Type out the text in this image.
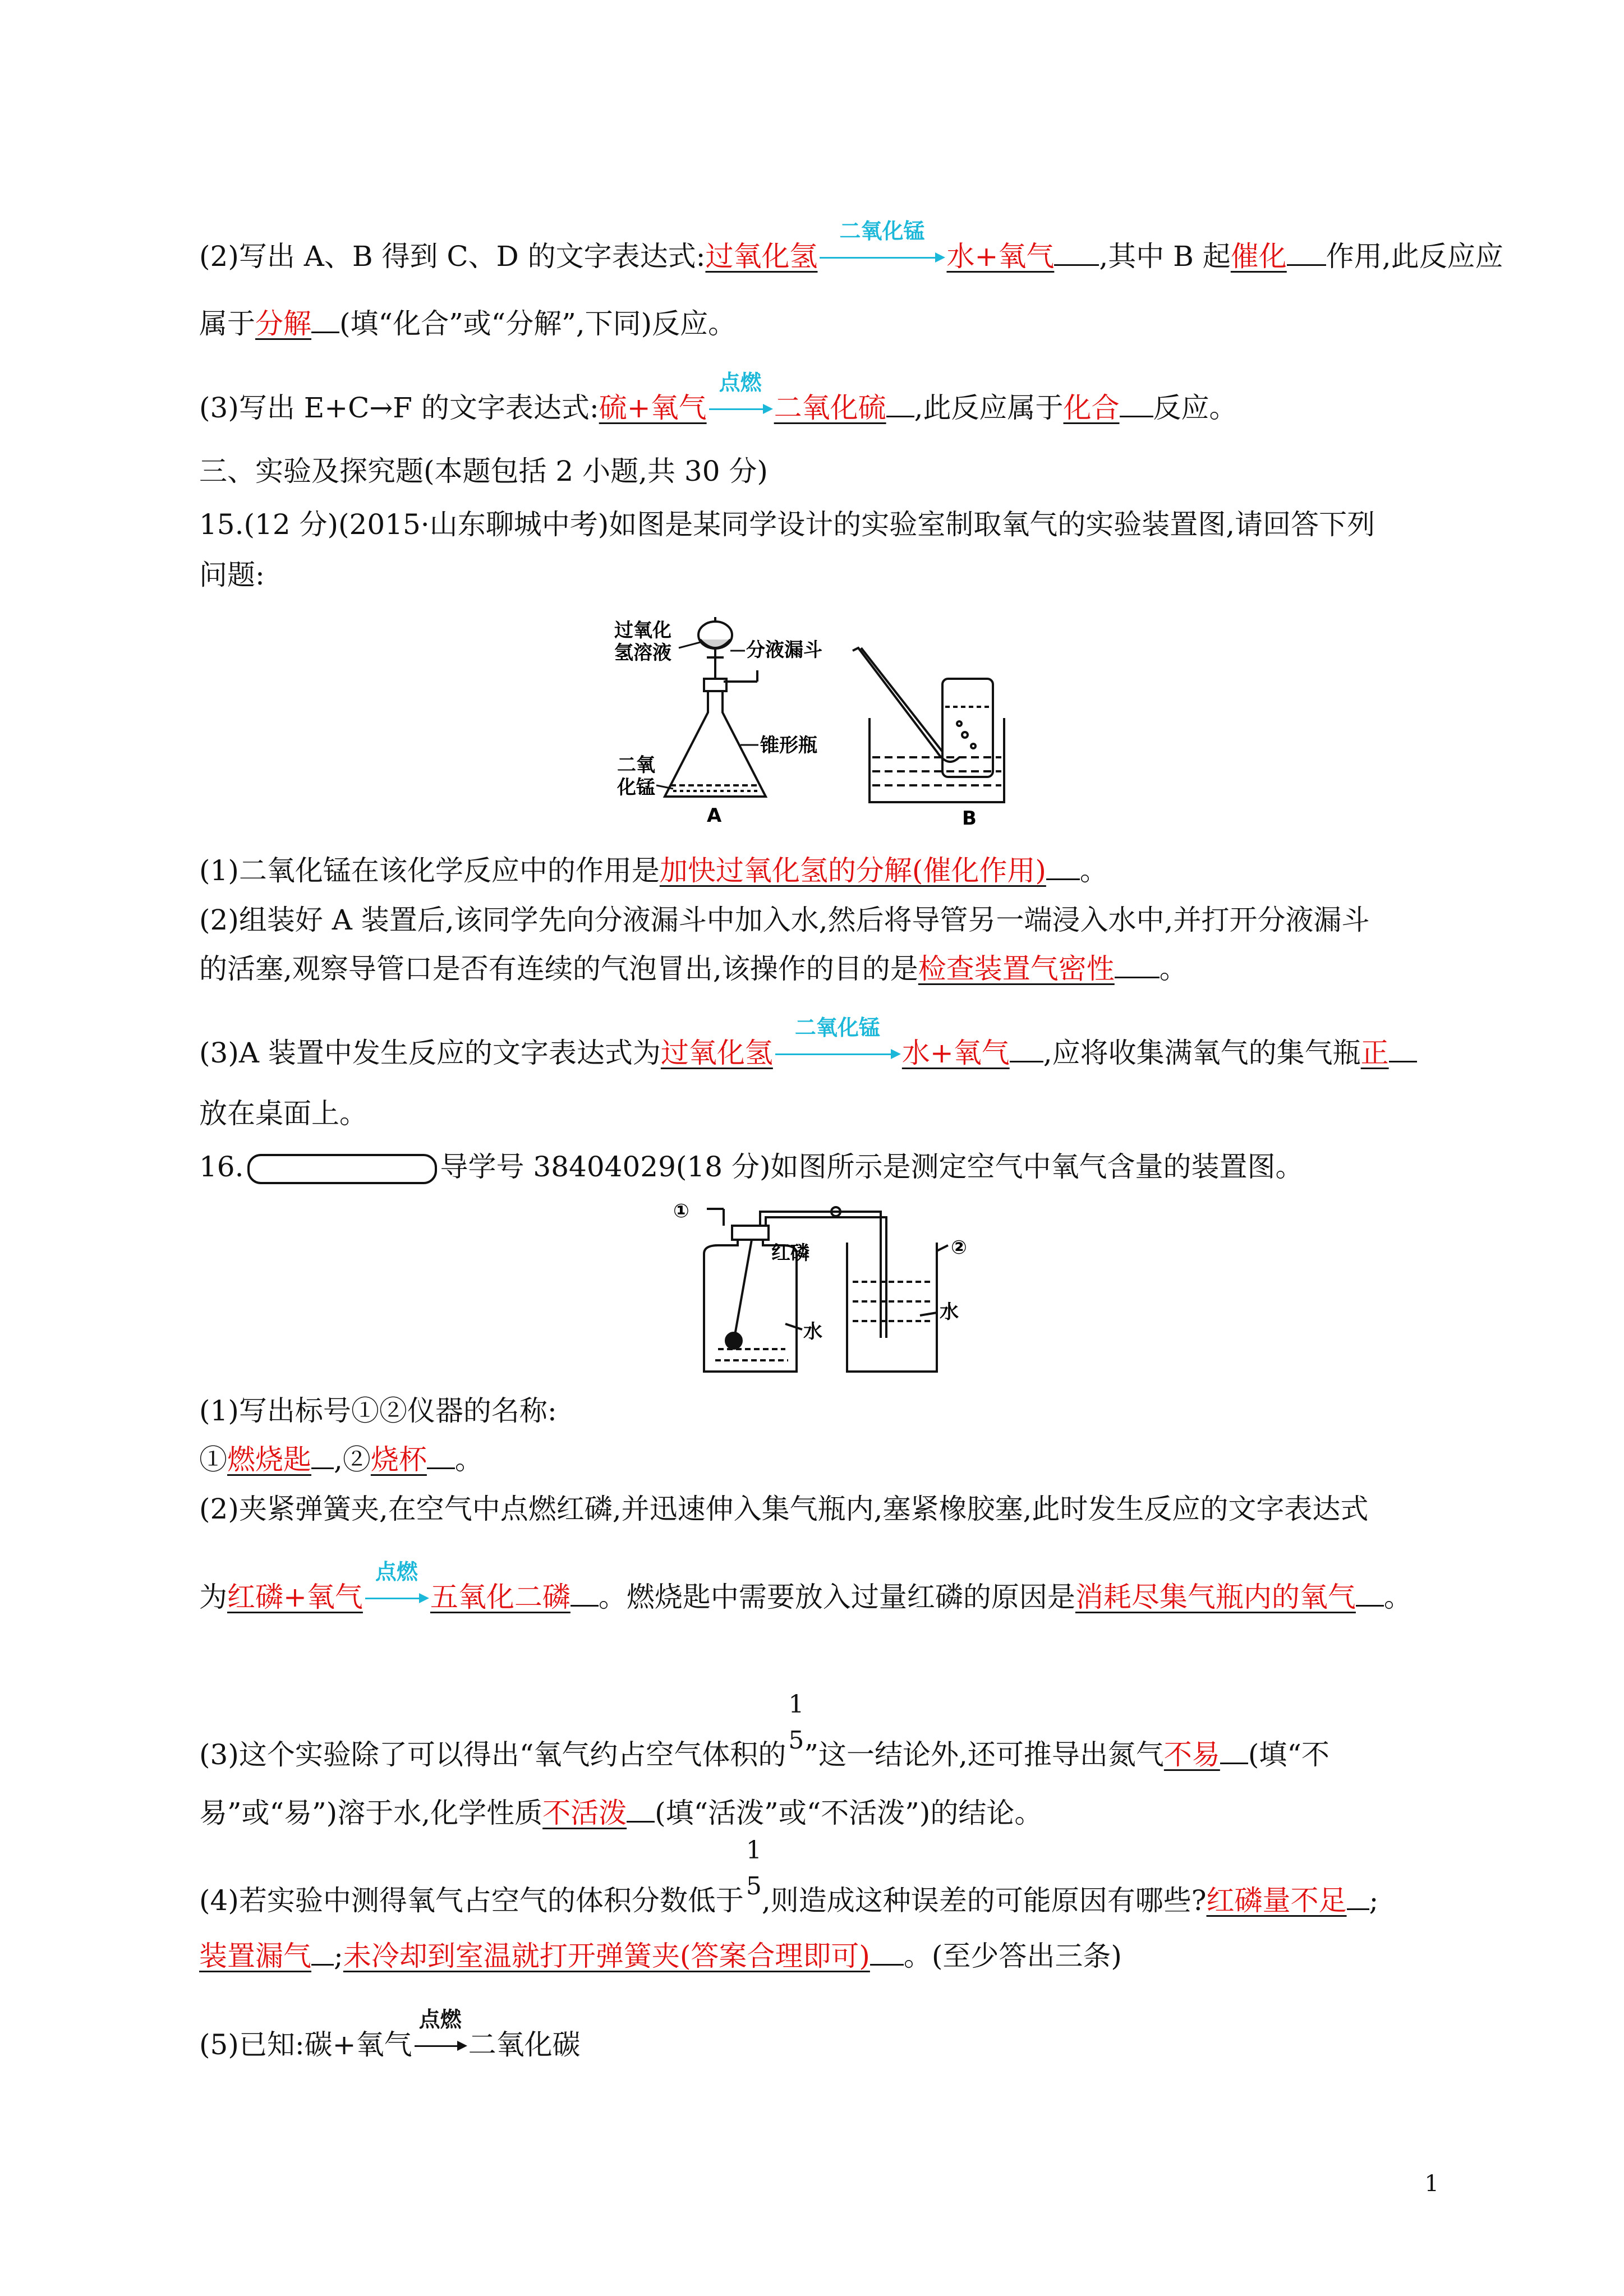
(2)写出 A、B 得到 C、D 的文字表达式:过氧化氢
二氧化锰
水+氧气 ,其中 B 起催化 作用,此反应应
属于分解 (填“化合”或“分解”,下同)反应。
(3)写出 E+C→F 的文字表达式:硫+氧气
点燃
二氧化硫 ,此反应属于化合 反应。
三、实验及探究题(本题包括 2 小题,共 30 分)
15.(12 分)(2015·山东聊城中考)如图是某同学设计的实验室制取氧气的实验装置图,请回答下列
问题:
过氧化
氢溶液	分液漏斗
锥形瓶
二氧
化锰
A	B
(1)二氧化锰在该化学反应中的作用是加快过氧化氢的分解(催化作用) 。
(2)组装好 A 装置后,该同学先向分液漏斗中加入水,然后将导管另一端浸入水中,并打开分液漏斗
的活塞,观察导管口是否有连续的气泡冒出,该操作的目的是检查装置气密性 。
(3)A 装置中发生反应的文字表达式为过氧化氢
二氧化锰
水+氧气 ,应将收集满氧气的集气瓶正
放在桌面上。
16.	导学号 38404029(18 分)如图所示是测定空气中氧气含量的装置图。
①
②
红磷
水
水
(1)写出标号①②仪器的名称:
①燃烧匙 ,②烧杯 。
(2)夹紧弹簧夹,在空气中点燃红磷,并迅速伸入集气瓶内,塞紧橡胶塞,此时发生反应的文字表达式
为红磷+氧气
点燃
五氧化二磷 。燃烧匙中需要放入过量红磷的原因是消耗尽集气瓶内的氧气 。
(3)这个实验除了可以得出“氧气约占空气体积的
1
5 ”这一结论外,还可推导出氮气不易 (填“不
易”或“易”)溶于水,化学性质不活泼 (填“活泼”或“不活泼”)的结论。
(4)若实验中测得氧气占空气的体积分数低于
1
5 ,则造成这种误差的可能原因有哪些?红磷量不足 ;
装置漏气 ;未冷却到室温就打开弹簧夹(答案合理即可) 。(至少答出三条)
(5)已知:碳+氧气
点燃
二氧化碳
1
